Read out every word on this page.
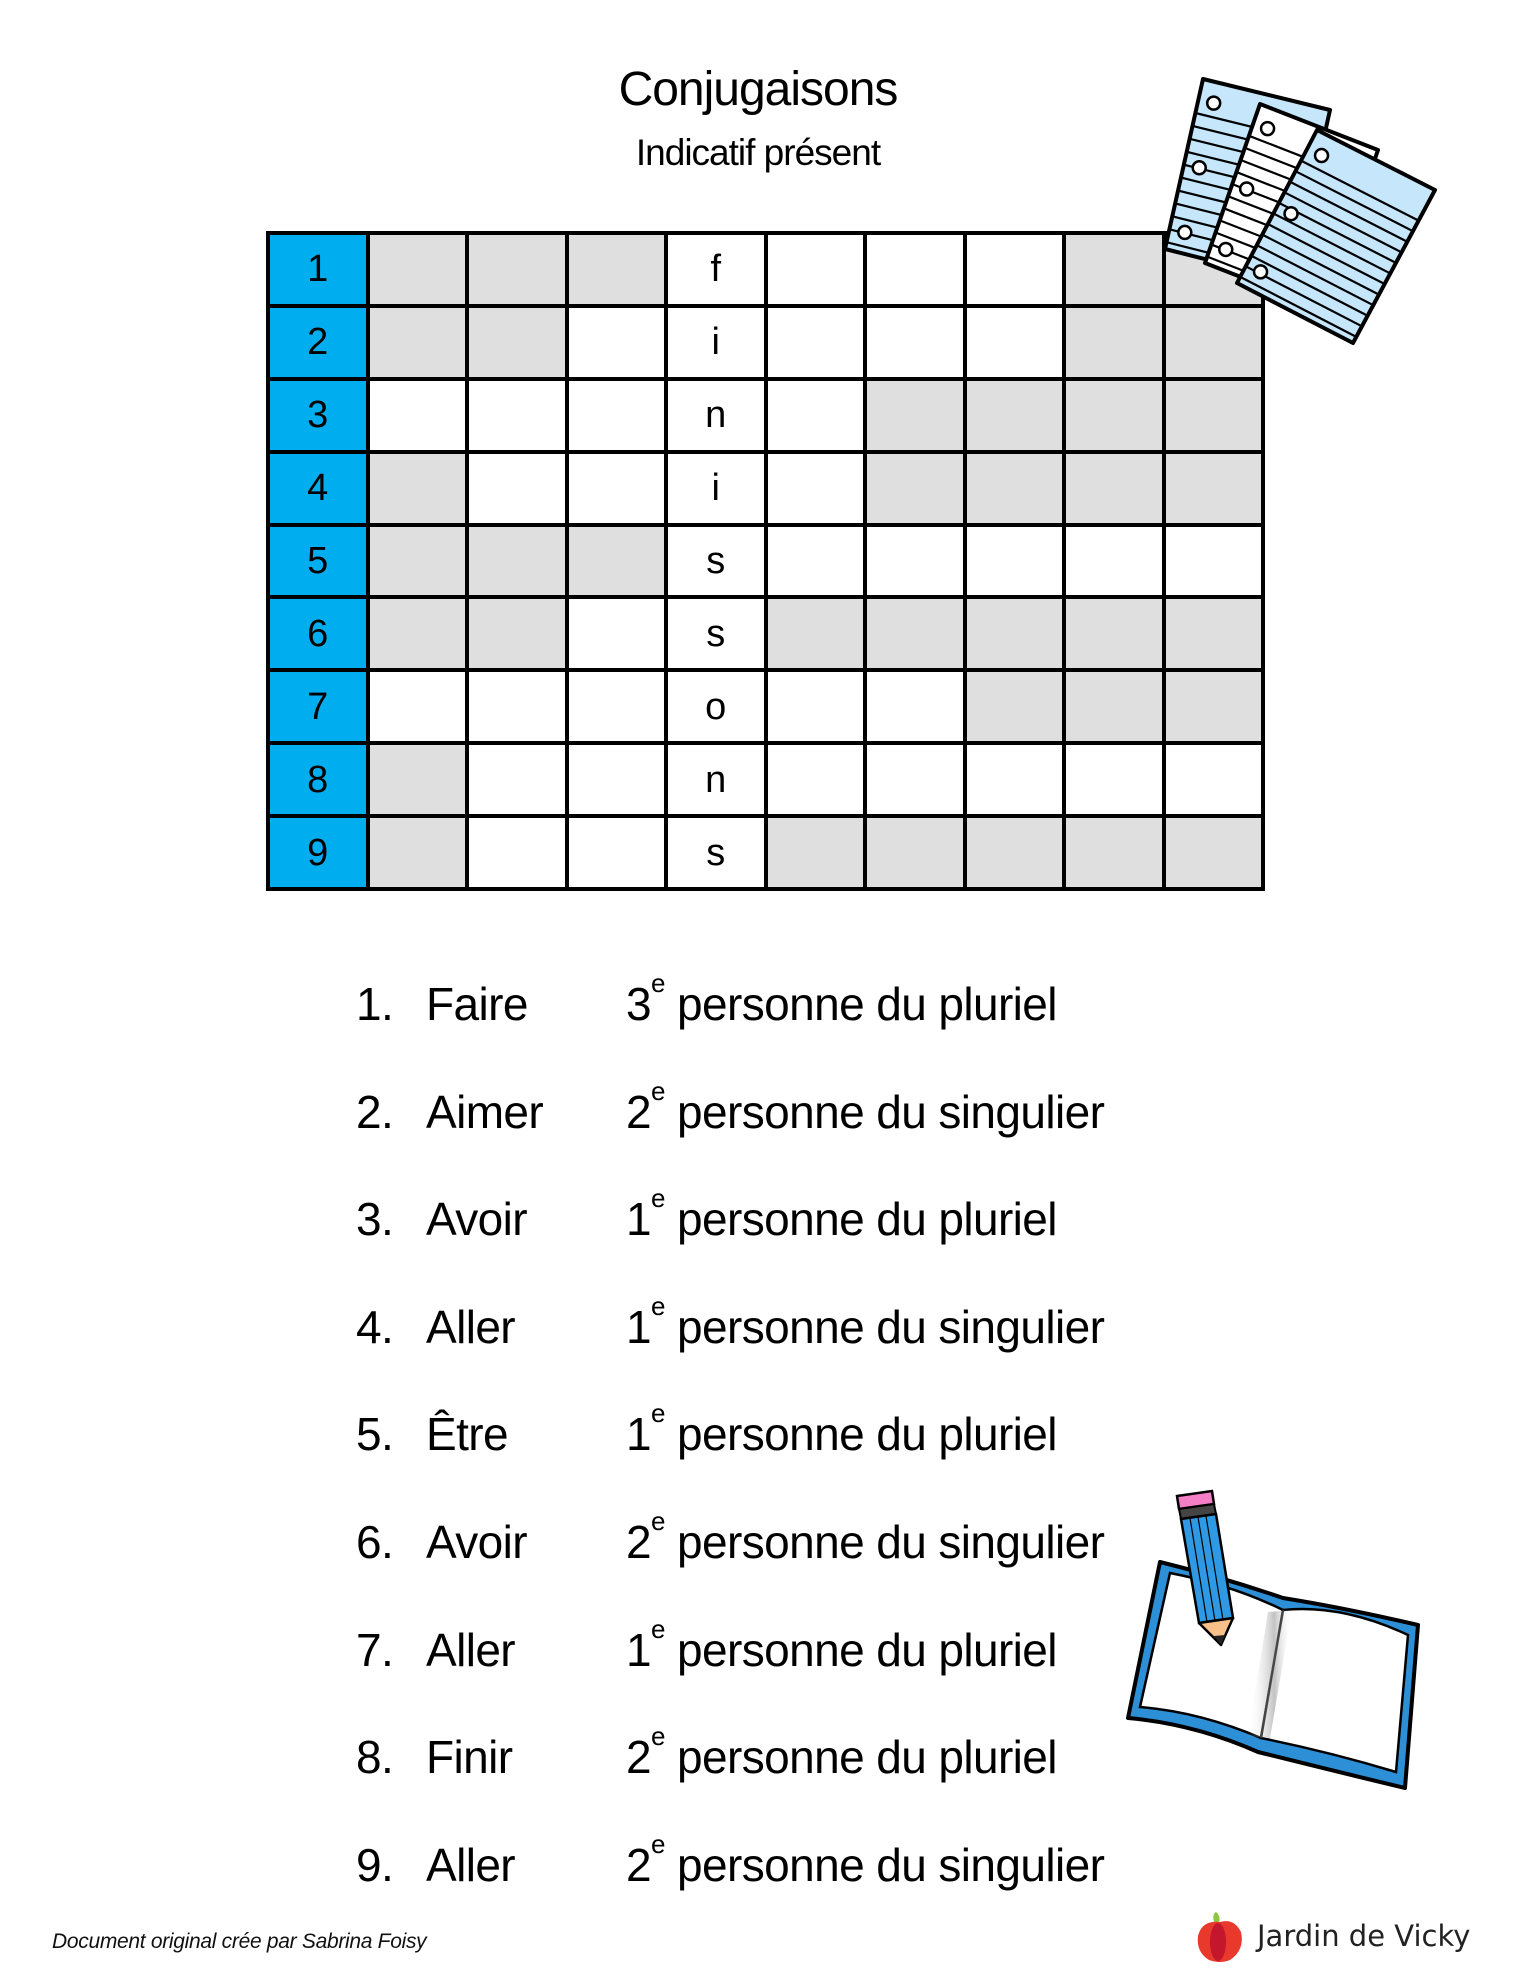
Conjugaisons
Indicatif présent
1	f
2	i
3	n
4	i
5	s
6	s
7	o
8	n
9	s
1. Faire 3e personne du pluriel
2. Aimer 2e personne du singulier
3. Avoir 1e personne du pluriel
4. Aller 1e personne du singulier
5. Être	1e personne du pluriel
6. Avoir 2e personne du singulier
7. Aller 1e personne du pluriel
8. Finir 2e personne du pluriel
9. Aller 2e personne du singulier
Document original crée par Sabrina Foisy	Jardin de Vicky
